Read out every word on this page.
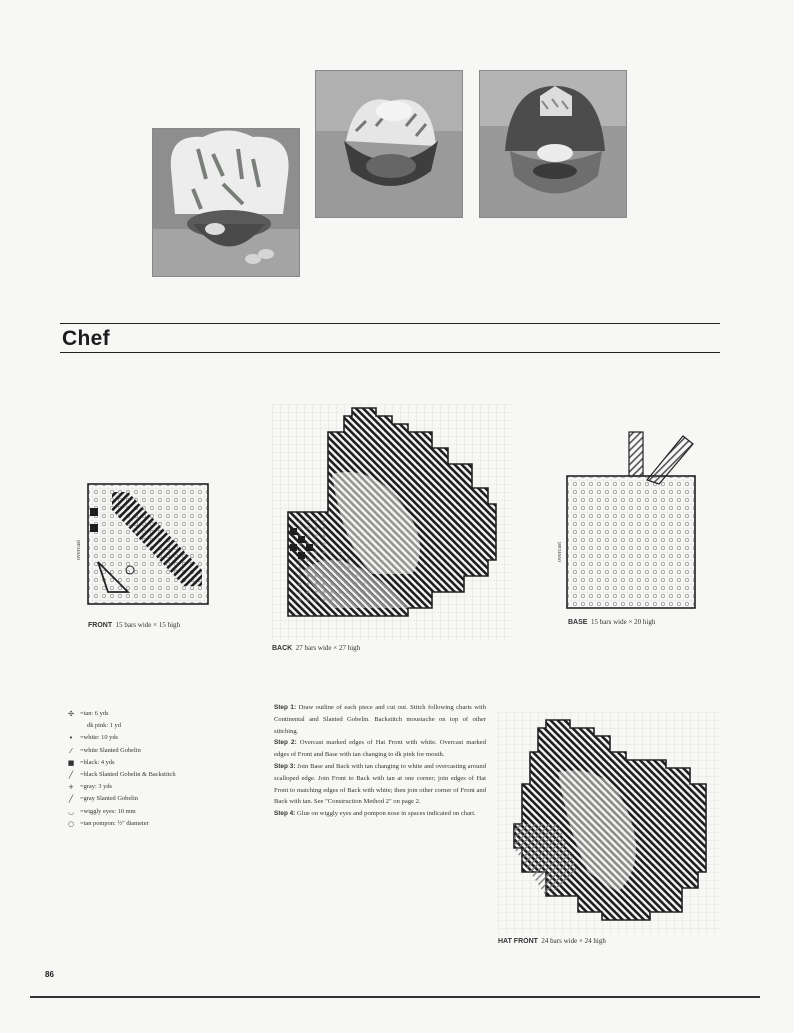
Chef
overcast
FRONT 15 bars wide × 15 high
BACK 27 bars wide × 27 high
overcast
BASE 15 bars wide × 20 high
HAT FRONT 24 bars wide × 24 high
✣ = tan: 6 yds
dk pink: 1 yd
•	= white: 10 yds
⁄	= white Slanted Gobelin
■ = black: 4 yds
╱	= black Slanted Gobelin & Backstitch
+ = gray: 3 yds
╱	= gray Slanted Gobelin
◡ = wiggly eyes: 10 mm
○ = tan pompon: ½" diameter

Step 1: Draw outline of each piece and cut out. Stitch following charts with Continental and Slanted Gobelin. Backstitch moustache on top of other stitching.

Step 2: Overcast marked edges of Hat Front with white. Overcast marked edges of Front and Base with tan changing to dk pink for mouth.

Step 3: Join Base and Back with tan changing to white and overcasting around scalloped edge. Join Front to Back with tan at one corner; join edges of Hat Front to matching edges of Back with white; then join other corner of Front and Back with tan. See "Construction Method 2" on page 2.

Step 4: Glue on wiggly eyes and pompon nose in spaces indicated on chart.

86
